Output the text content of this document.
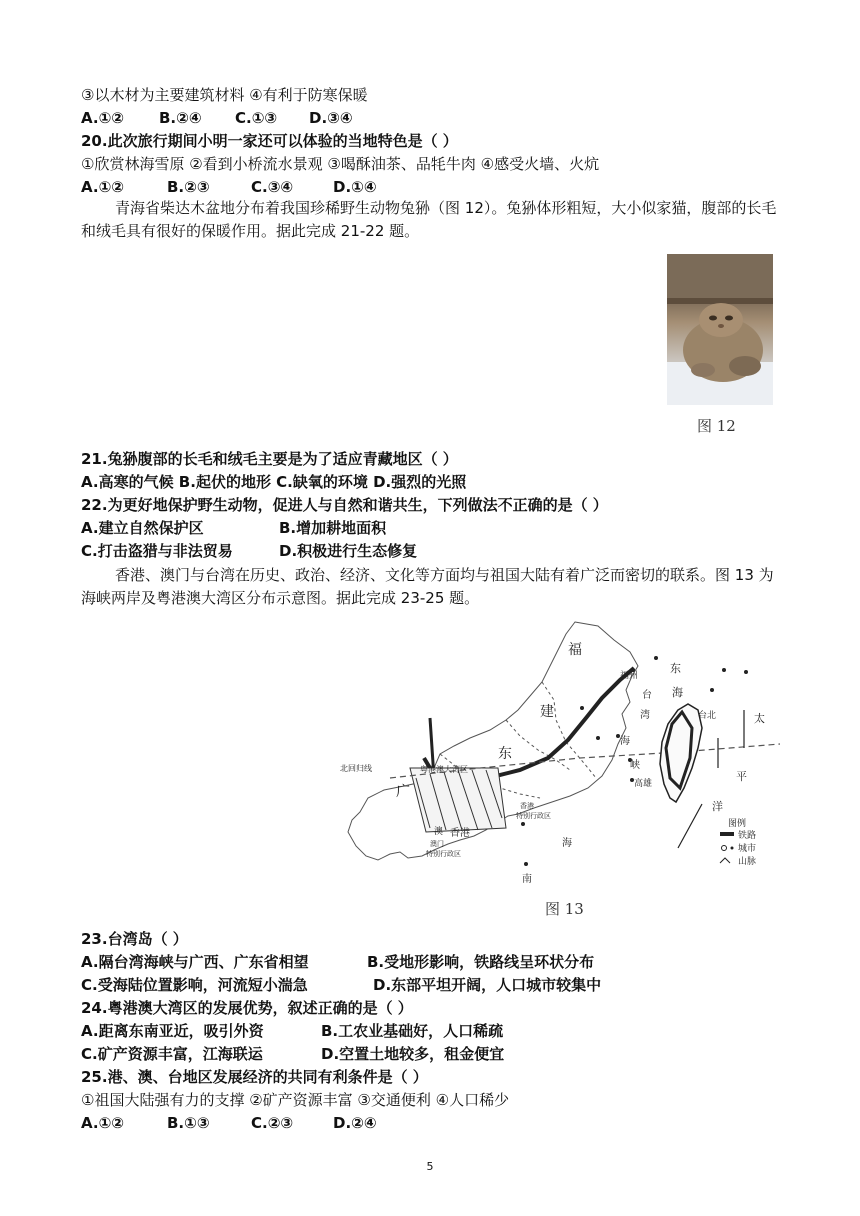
③以木材为主要建筑材料 ④有利于防寒保暖
A.①② B.②④ C.①③ D.③④
20.此次旅行期间小明一家还可以体验的当地特色是（ ）
①欣赏林海雪原 ②看到小桥流水景观 ③喝酥油茶、品牦牛肉 ④感受火墙、火炕
A.①②	B.②③	C.③④	D.①④
青海省柴达木盆地分布着我国珍稀野生动物兔狲（图 12）。兔狲体形粗短，大小似家猫，腹部的长毛和绒毛具有很好的保暖作用。据此完成 21-22 题。
图 12
21.兔狲腹部的长毛和绒毛主要是为了适应青藏地区（ ）
A.高寒的气候 B.起伏的地形 C.缺氧的环境 D.强烈的光照
22.为更好地保护野生动物，促进人与自然和谐共生，下列做法不正确的是（ ）
A.建立自然保护区	B.增加耕地面积
C.打击盗猎与非法贸易	D.积极进行生态修复
香港、澳门与台湾在历史、政治、经济、文化等方面均与祖国大陆有着广泛而密切的联系。图 13 为海峡两岸及粤港澳大湾区分布示意图。据此完成 23-25 题。
图例
铁路
城市
山脉
福
建
福州
东
海
台
湾
海
峡
台北	太
平
洋
高雄
东
广
粤港澳大湾区
北回归线
香港
香港
特别行政区
澳
澳门
特别行政区
南
海
图 13
23.台湾岛（ ）
A.隔台湾海峡与广西、广东省相望	B.受地形影响，铁路线呈环状分布
C.受海陆位置影响，河流短小湍急	D.东部平坦开阔，人口城市较集中
24.粤港澳大湾区的发展优势，叙述正确的是（ ）
A.距离东南亚近，吸引外资	B.工农业基础好，人口稀疏
C.矿产资源丰富，江海联运	D.空置土地较多，租金便宜
25.港、澳、台地区发展经济的共同有利条件是（ ）
①祖国大陆强有力的支撑 ②矿产资源丰富 ③交通便利 ④人口稀少
A.①②	B.①③	C.②③	D.②④
5
